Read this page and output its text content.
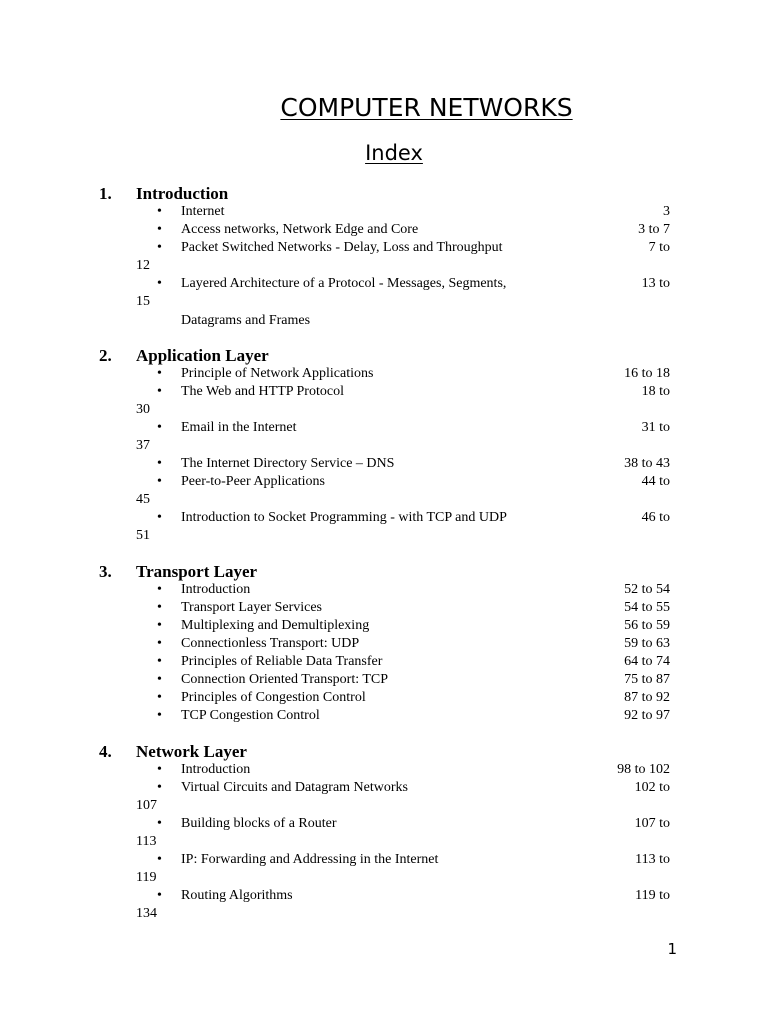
COMPUTER NETWORKS
Index
1. Introduction
• Internet	3
• Access networks, Network Edge and Core	3 to 7
• Packet Switched Networks - Delay, Loss and Throughput	7 to
12
• Layered Architecture of a Protocol - Messages, Segments,	13 to
15
Datagrams and Frames
2. Application Layer
• Principle of Network Applications	16 to 18
• The Web and HTTP Protocol	18 to
30
• Email in the Internet	31 to
37
• The Internet Directory Service – DNS	38 to 43
• Peer-to-Peer Applications	44 to
45
• Introduction to Socket Programming - with TCP and UDP	46 to
51
3. Transport Layer
• Introduction	52 to 54
• Transport Layer Services	54 to 55
• Multiplexing and Demultiplexing	56 to 59
• Connectionless Transport: UDP	59 to 63
• Principles of Reliable Data Transfer	64 to 74
• Connection Oriented Transport: TCP	75 to 87
• Principles of Congestion Control	87 to 92
• TCP Congestion Control	92 to 97
4. Network Layer
• Introduction	98 to 102
• Virtual Circuits and Datagram Networks	102 to
107
• Building blocks of a Router	107 to
113
• IP: Forwarding and Addressing in the Internet	113 to
119
• Routing Algorithms	119 to
134
1
